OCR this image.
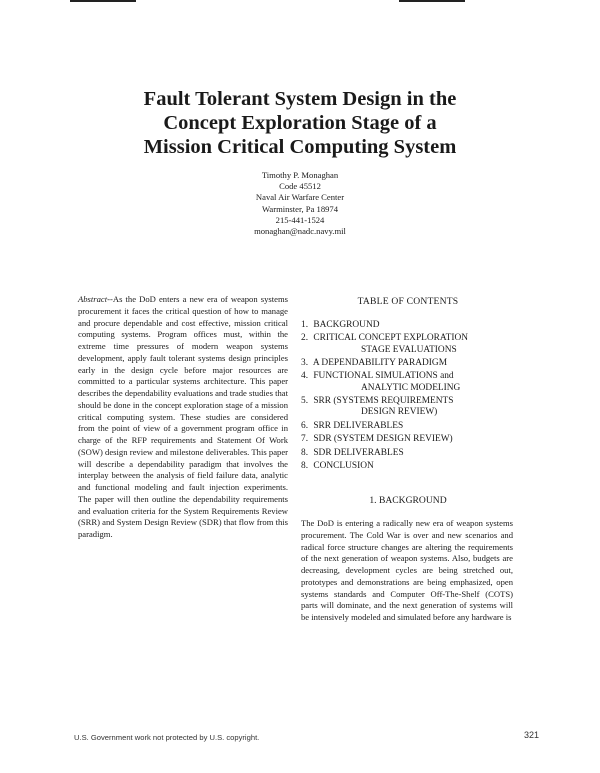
Fault Tolerant System Design in the
Concept Exploration Stage of a
Mission Critical Computing System
Timothy P. Monaghan
Code 45512
Naval Air Warfare Center
Warminster, Pa 18974
215-441-1524
monaghan@nadc.navy.mil
Abstract--As the DoD enters a new era of weapon systems procurement it faces the critical question of how to manage and procure dependable and cost effective, mission critical computing systems. Program offices must, within the extreme time pressures of modern weapon systems development, apply fault tolerant systems design principles early in the design cycle before major resources are committed to a particular systems architecture. This paper describes the dependability evaluations and trade studies that should be done in the concept exploration stage of a mission critical computing system. These studies are considered from the point of view of a government program office in charge of the RFP requirements and Statement Of Work (SOW) design review and milestone deliverables. This paper will describe a dependability paradigm that involves the interplay between the analysis of field failure data, analytic and functional modeling and fault injection experiments. The paper will then outline the dependability requirements and evaluation criteria for the System Requirements Review (SRR) and System Design Review (SDR) that flow from this paradigm.
TABLE OF CONTENTS
1. BACKGROUND
2. CRITICAL CONCEPT EXPLORATION
STAGE EVALUATIONS
3. A DEPENDABILITY PARADIGM
4. FUNCTIONAL SIMULATIONS and
ANALYTIC MODELING
5. SRR (SYSTEMS REQUIREMENTS
DESIGN REVIEW)
6. SRR DELIVERABLES
7. SDR (SYSTEM DESIGN REVIEW)
8. SDR DELIVERABLES
8. CONCLUSION
1. BACKGROUND
The DoD is entering a radically new era of weapon systems procurement. The Cold War is over and new scenarios and radical force structure changes are altering the requirements of the next generation of weapon systems. Also, budgets are decreasing, development cycles are being stretched out, prototypes and demonstrations are being emphasized, open systems standards and Computer Off-The-Shelf (COTS) parts will dominate, and the next generation of systems will be intensively modeled and simulated before any hardware is
U.S. Government work not protected by U.S. copyright.	321
